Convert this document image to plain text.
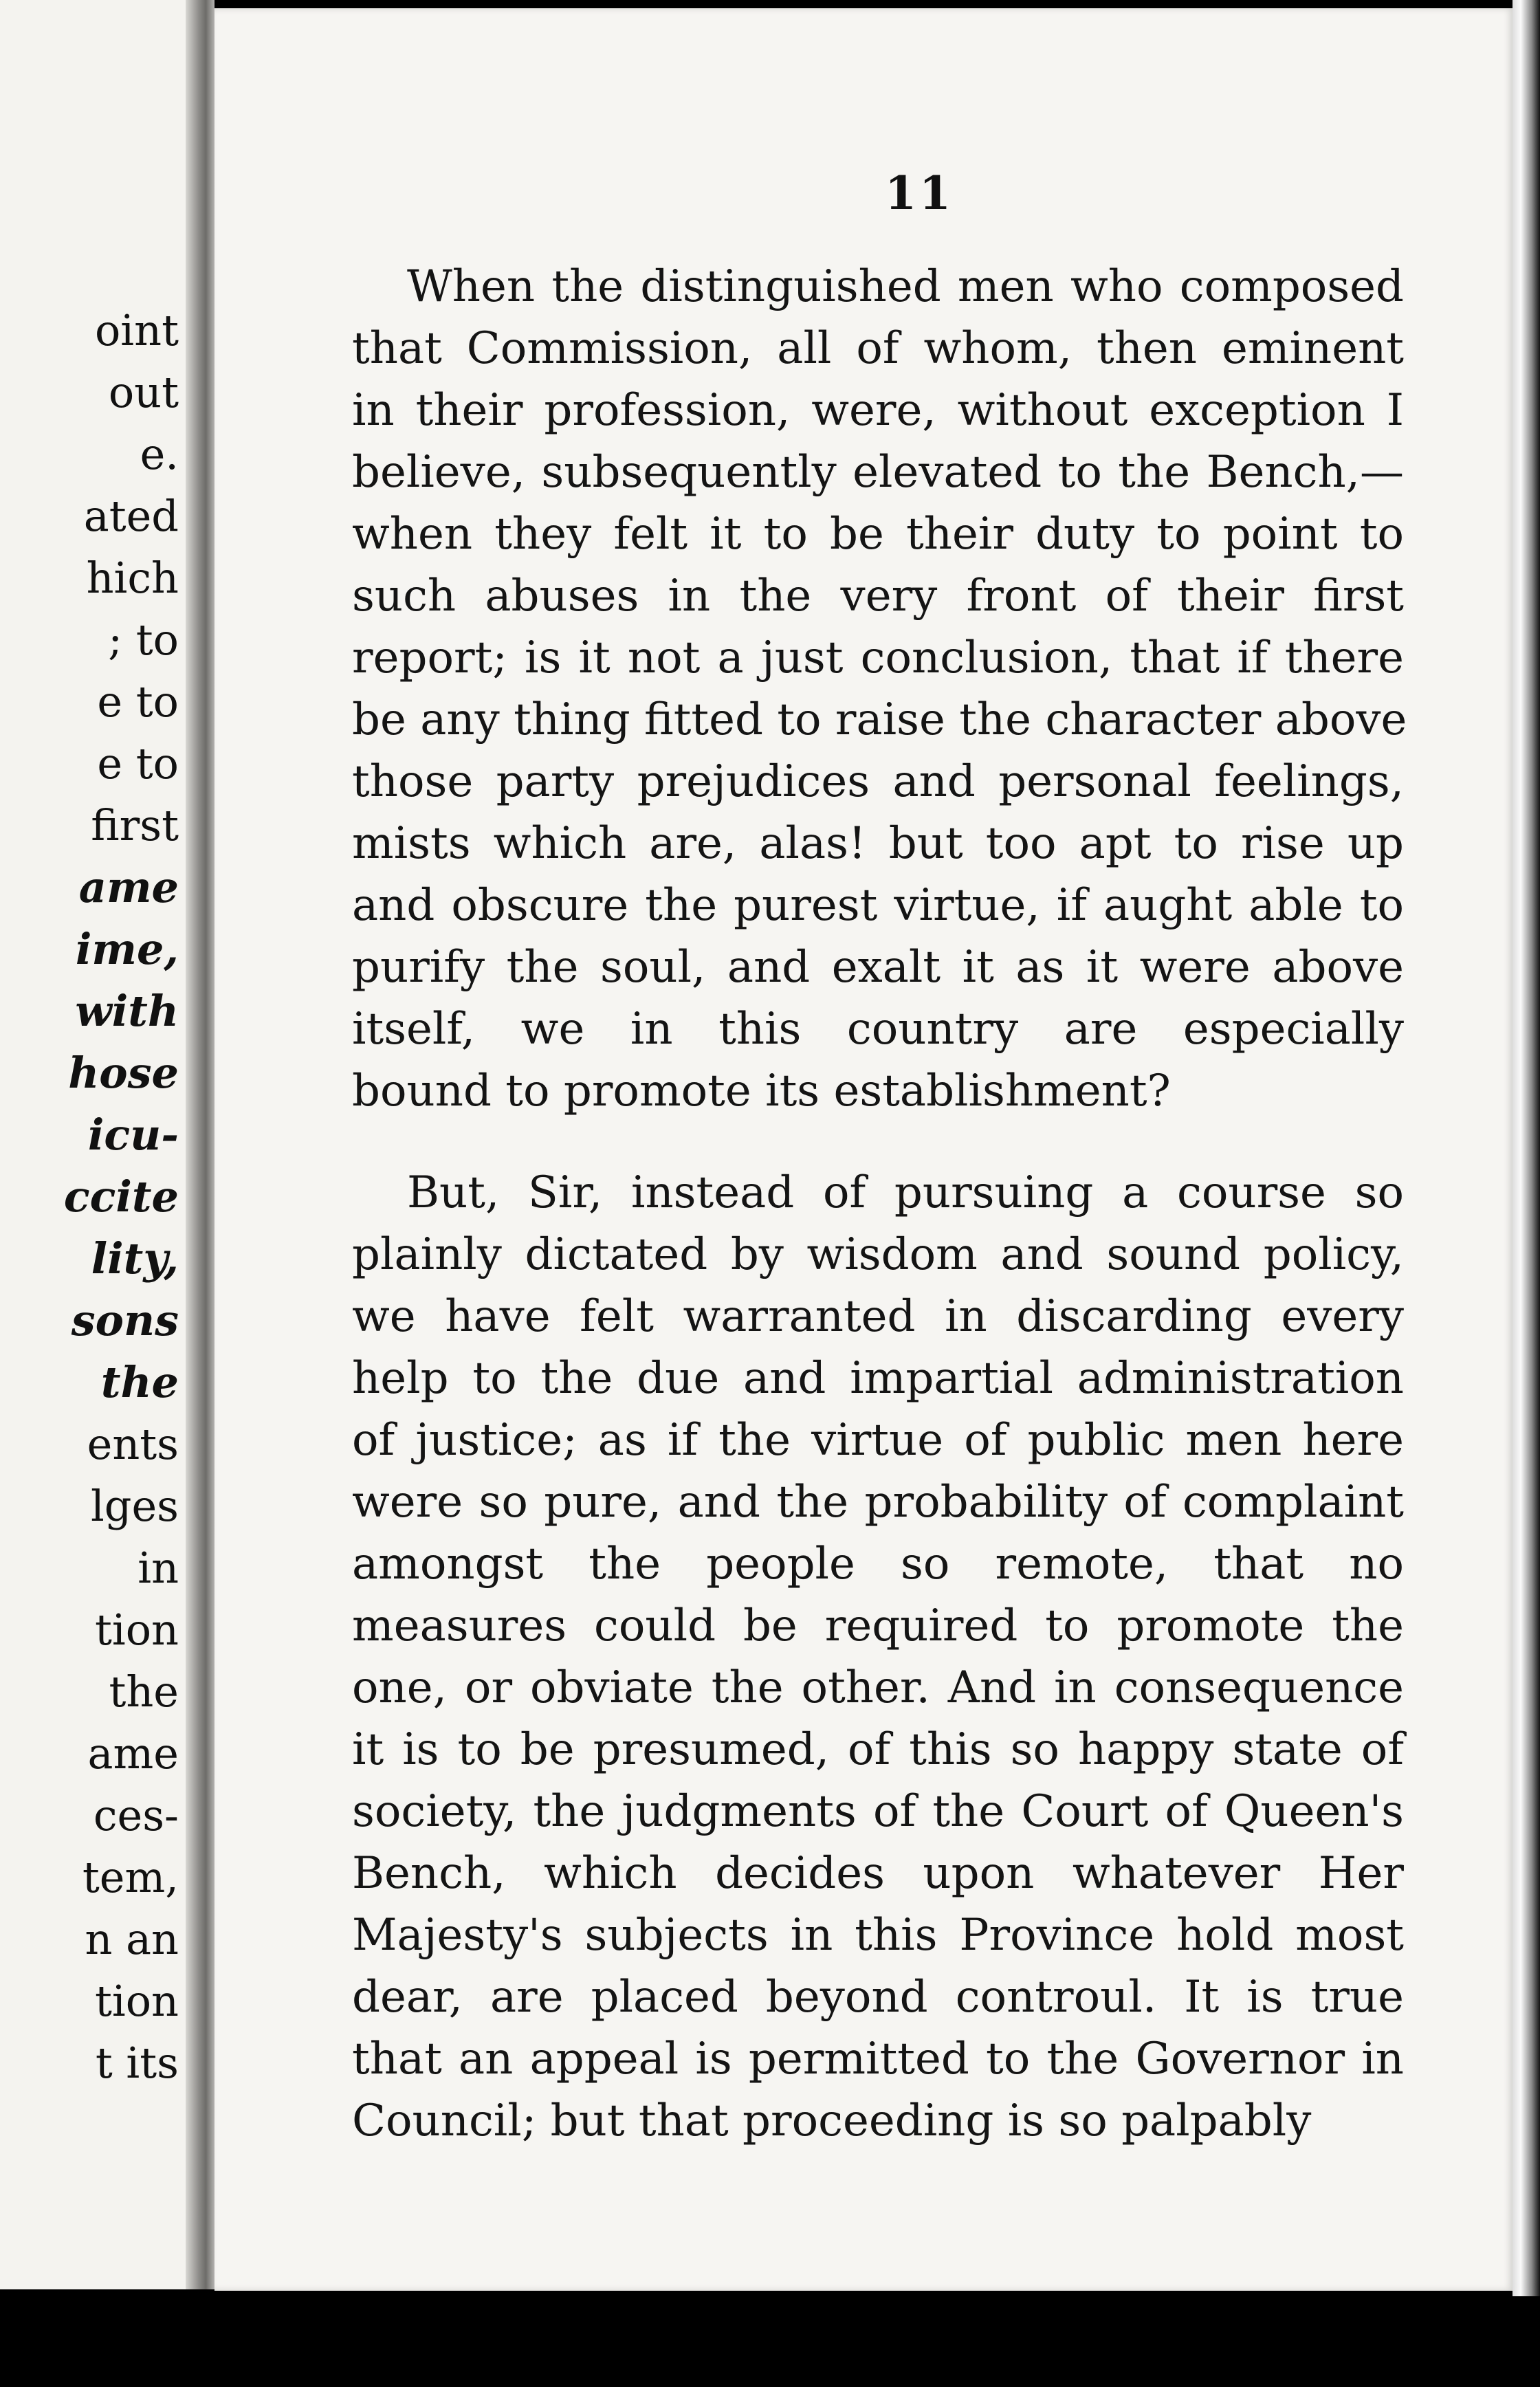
oint
out
e.
ated
hich
; to
e to
e to
first
ame
ime,
with
hose
icu-
ccite
lity,
sons
the
ents
lges
in
tion
the
ame
ces-
tem,
n an
tion
t its
11
When the distinguished men who composed
that Commission, all of whom, then eminent
in their profession, were, without exception I
believe, subsequently elevated to the Bench,—
when they felt it to be their duty to point to
such abuses in the very front of their first
report; is it not a just conclusion, that if there
be any thing fitted to raise the character above
those party prejudices and personal feelings,
mists which are, alas! but too apt to rise up
and obscure the purest virtue, if aught able to
purify the soul, and exalt it as it were above
itself, we in this country are especially
bound to promote its establishment?
But, Sir, instead of pursuing a course so
plainly dictated by wisdom and sound policy,
we have felt warranted in discarding every
help to the due and impartial administration
of justice; as if the virtue of public men here
were so pure, and the probability of complaint
amongst the people so remote, that no
measures could be required to promote the
one, or obviate the other. And in consequence
it is to be presumed, of this so happy state of
society, the judgments of the Court of Queen's
Bench, which decides upon whatever Her
Majesty's subjects in this Province hold most
dear, are placed beyond controul. It is true
that an appeal is permitted to the Governor in
Council; but that proceeding is so palpably
